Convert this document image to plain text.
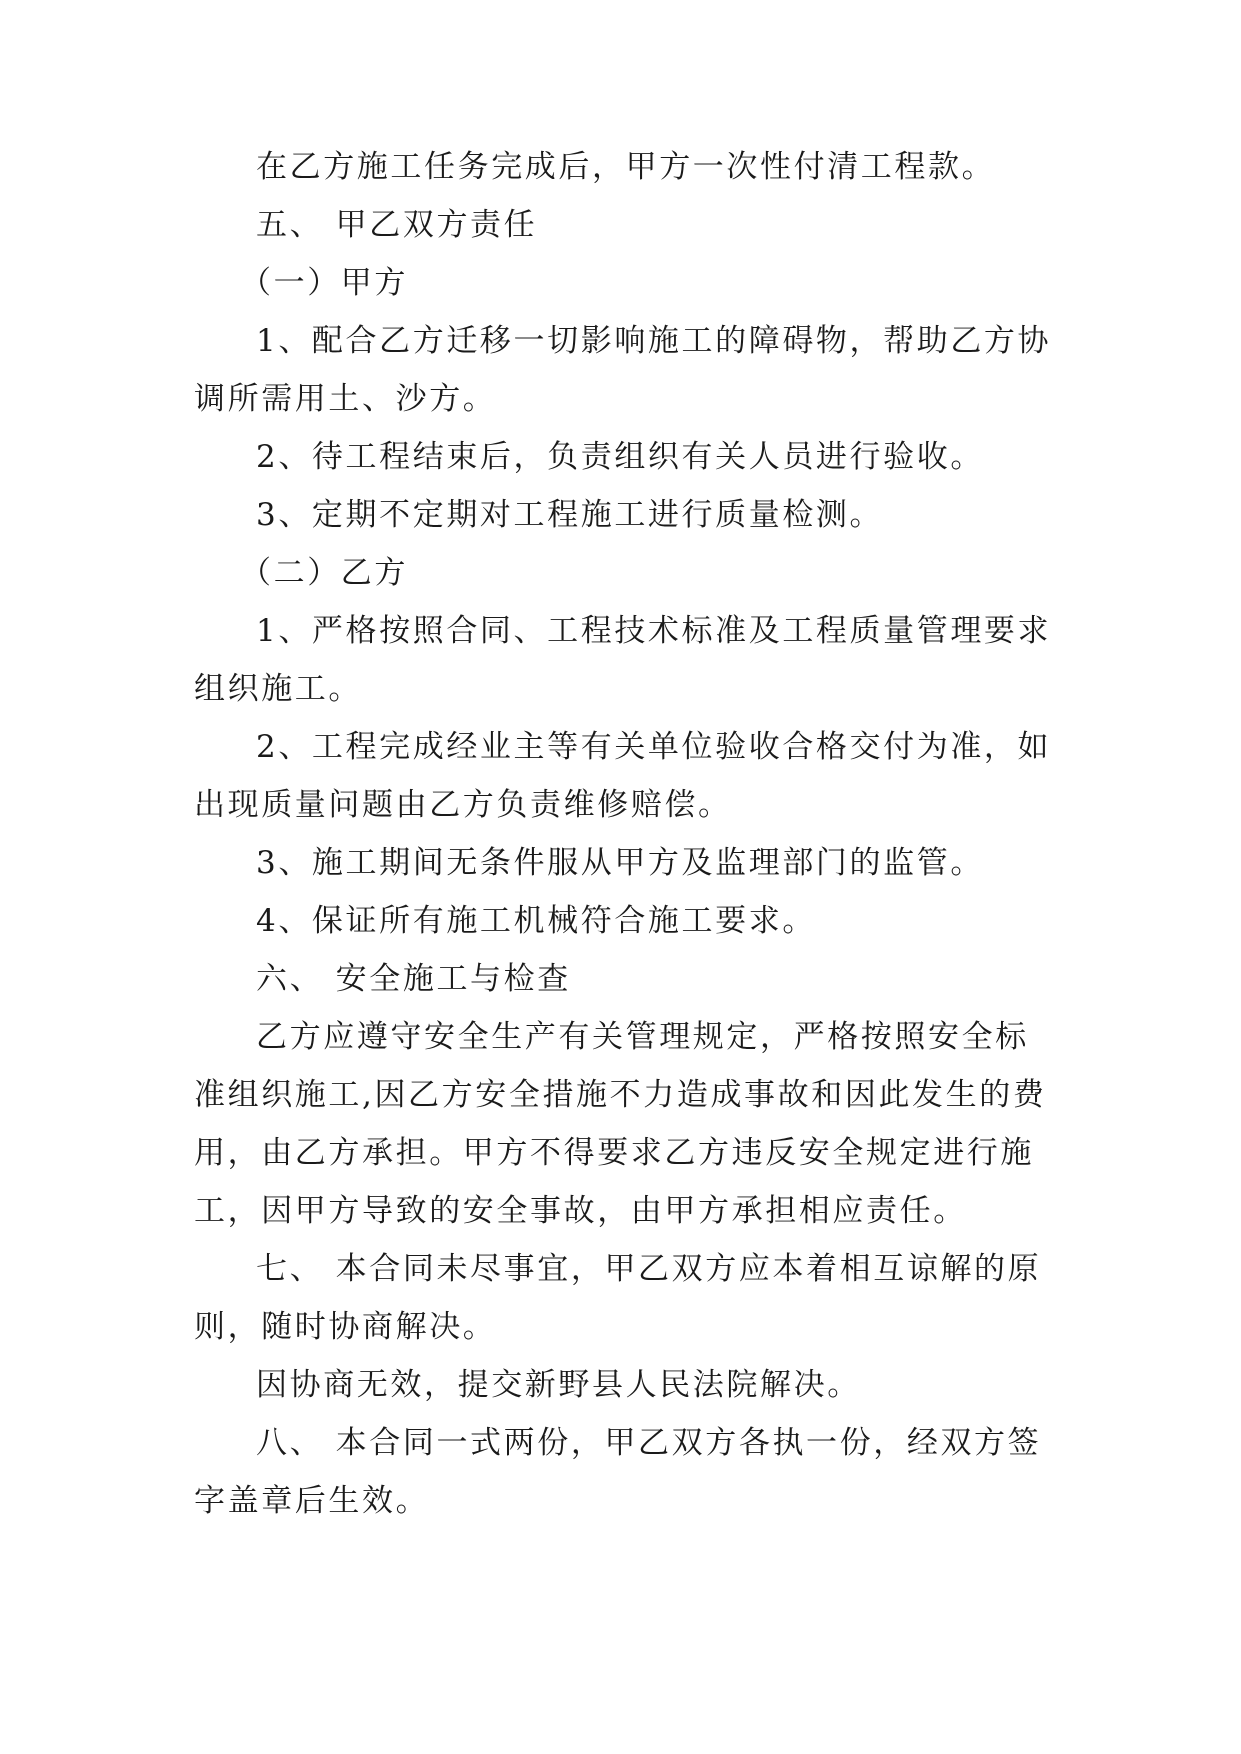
在乙方施工任务完成后，甲方一次性付清工程款。

五、 甲乙双方责任

（一）甲方

1、配合乙方迁移一切影响施工的障碍物，帮助乙方协调所需用土、沙方。

2、待工程结束后，负责组织有关人员进行验收。

3、定期不定期对工程施工进行质量检测。

（二）乙方

1、严格按照合同、工程技术标准及工程质量管理要求组织施工。

2、工程完成经业主等有关单位验收合格交付为准，如出现质量问题由乙方负责维修赔偿。

3、施工期间无条件服从甲方及监理部门的监管。

4、保证所有施工机械符合施工要求。

六、 安全施工与检查

乙方应遵守安全生产有关管理规定，严格按照安全标准组织施工,因乙方安全措施不力造成事故和因此发生的费用，由乙方承担。甲方不得要求乙方违反安全规定进行施工，因甲方导致的安全事故，由甲方承担相应责任。

七、 本合同未尽事宜，甲乙双方应本着相互谅解的原则，随时协商解决。

因协商无效，提交新野县人民法院解决。

八、 本合同一式两份，甲乙双方各执一份，经双方签字盖章后生效。
